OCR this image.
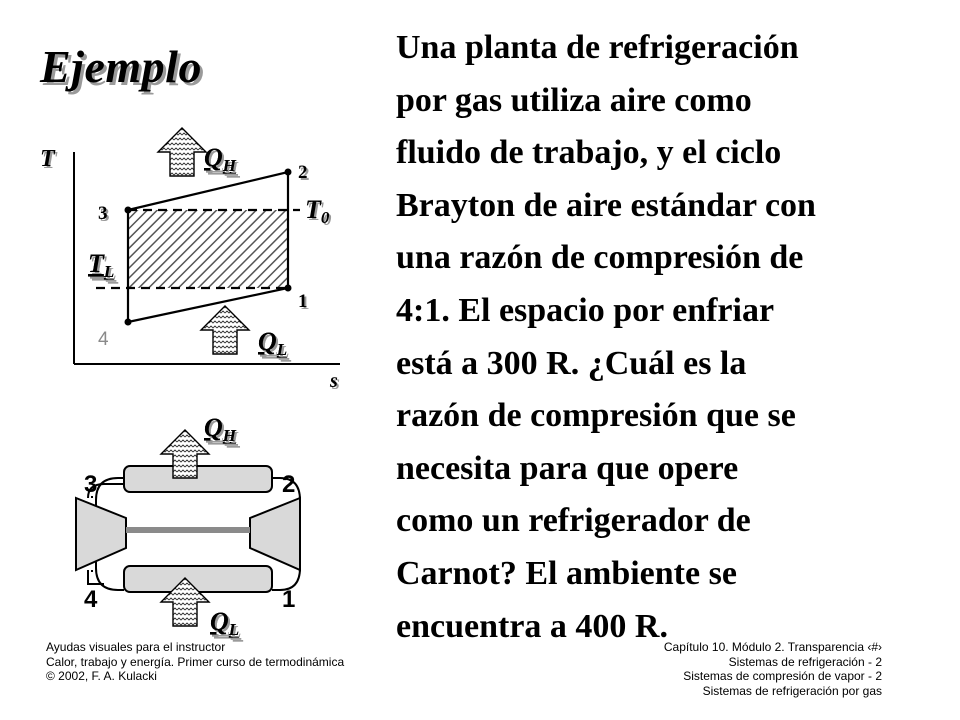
Ejemplo	Una planta de refrigeración
por gas utiliza aire como
fluido de trabajo, y el ciclo
Brayton de aire estándar con
una razón de compresión de
4:1. El espacio por enfriar
está a 300 R. ¿Cuál es la
razón de compresión que se
necesita para que opere
como un refrigerador de
Carnot? El ambiente se
encuentra a 400 R.
T
s
QH
QL
T0
TL
2
3
1
4
QH
QL
3	2
4	1
Ayudas visuales para el instructor
Calor, trabajo y energía. Primer curso de termodinámica
© 2002, F. A. Kulacki
Capítulo 10. Módulo 2. Transparencia ‹#›
Sistemas de refrigeración - 2
Sistemas de compresión de vapor - 2
Sistemas de refrigeración por gas
